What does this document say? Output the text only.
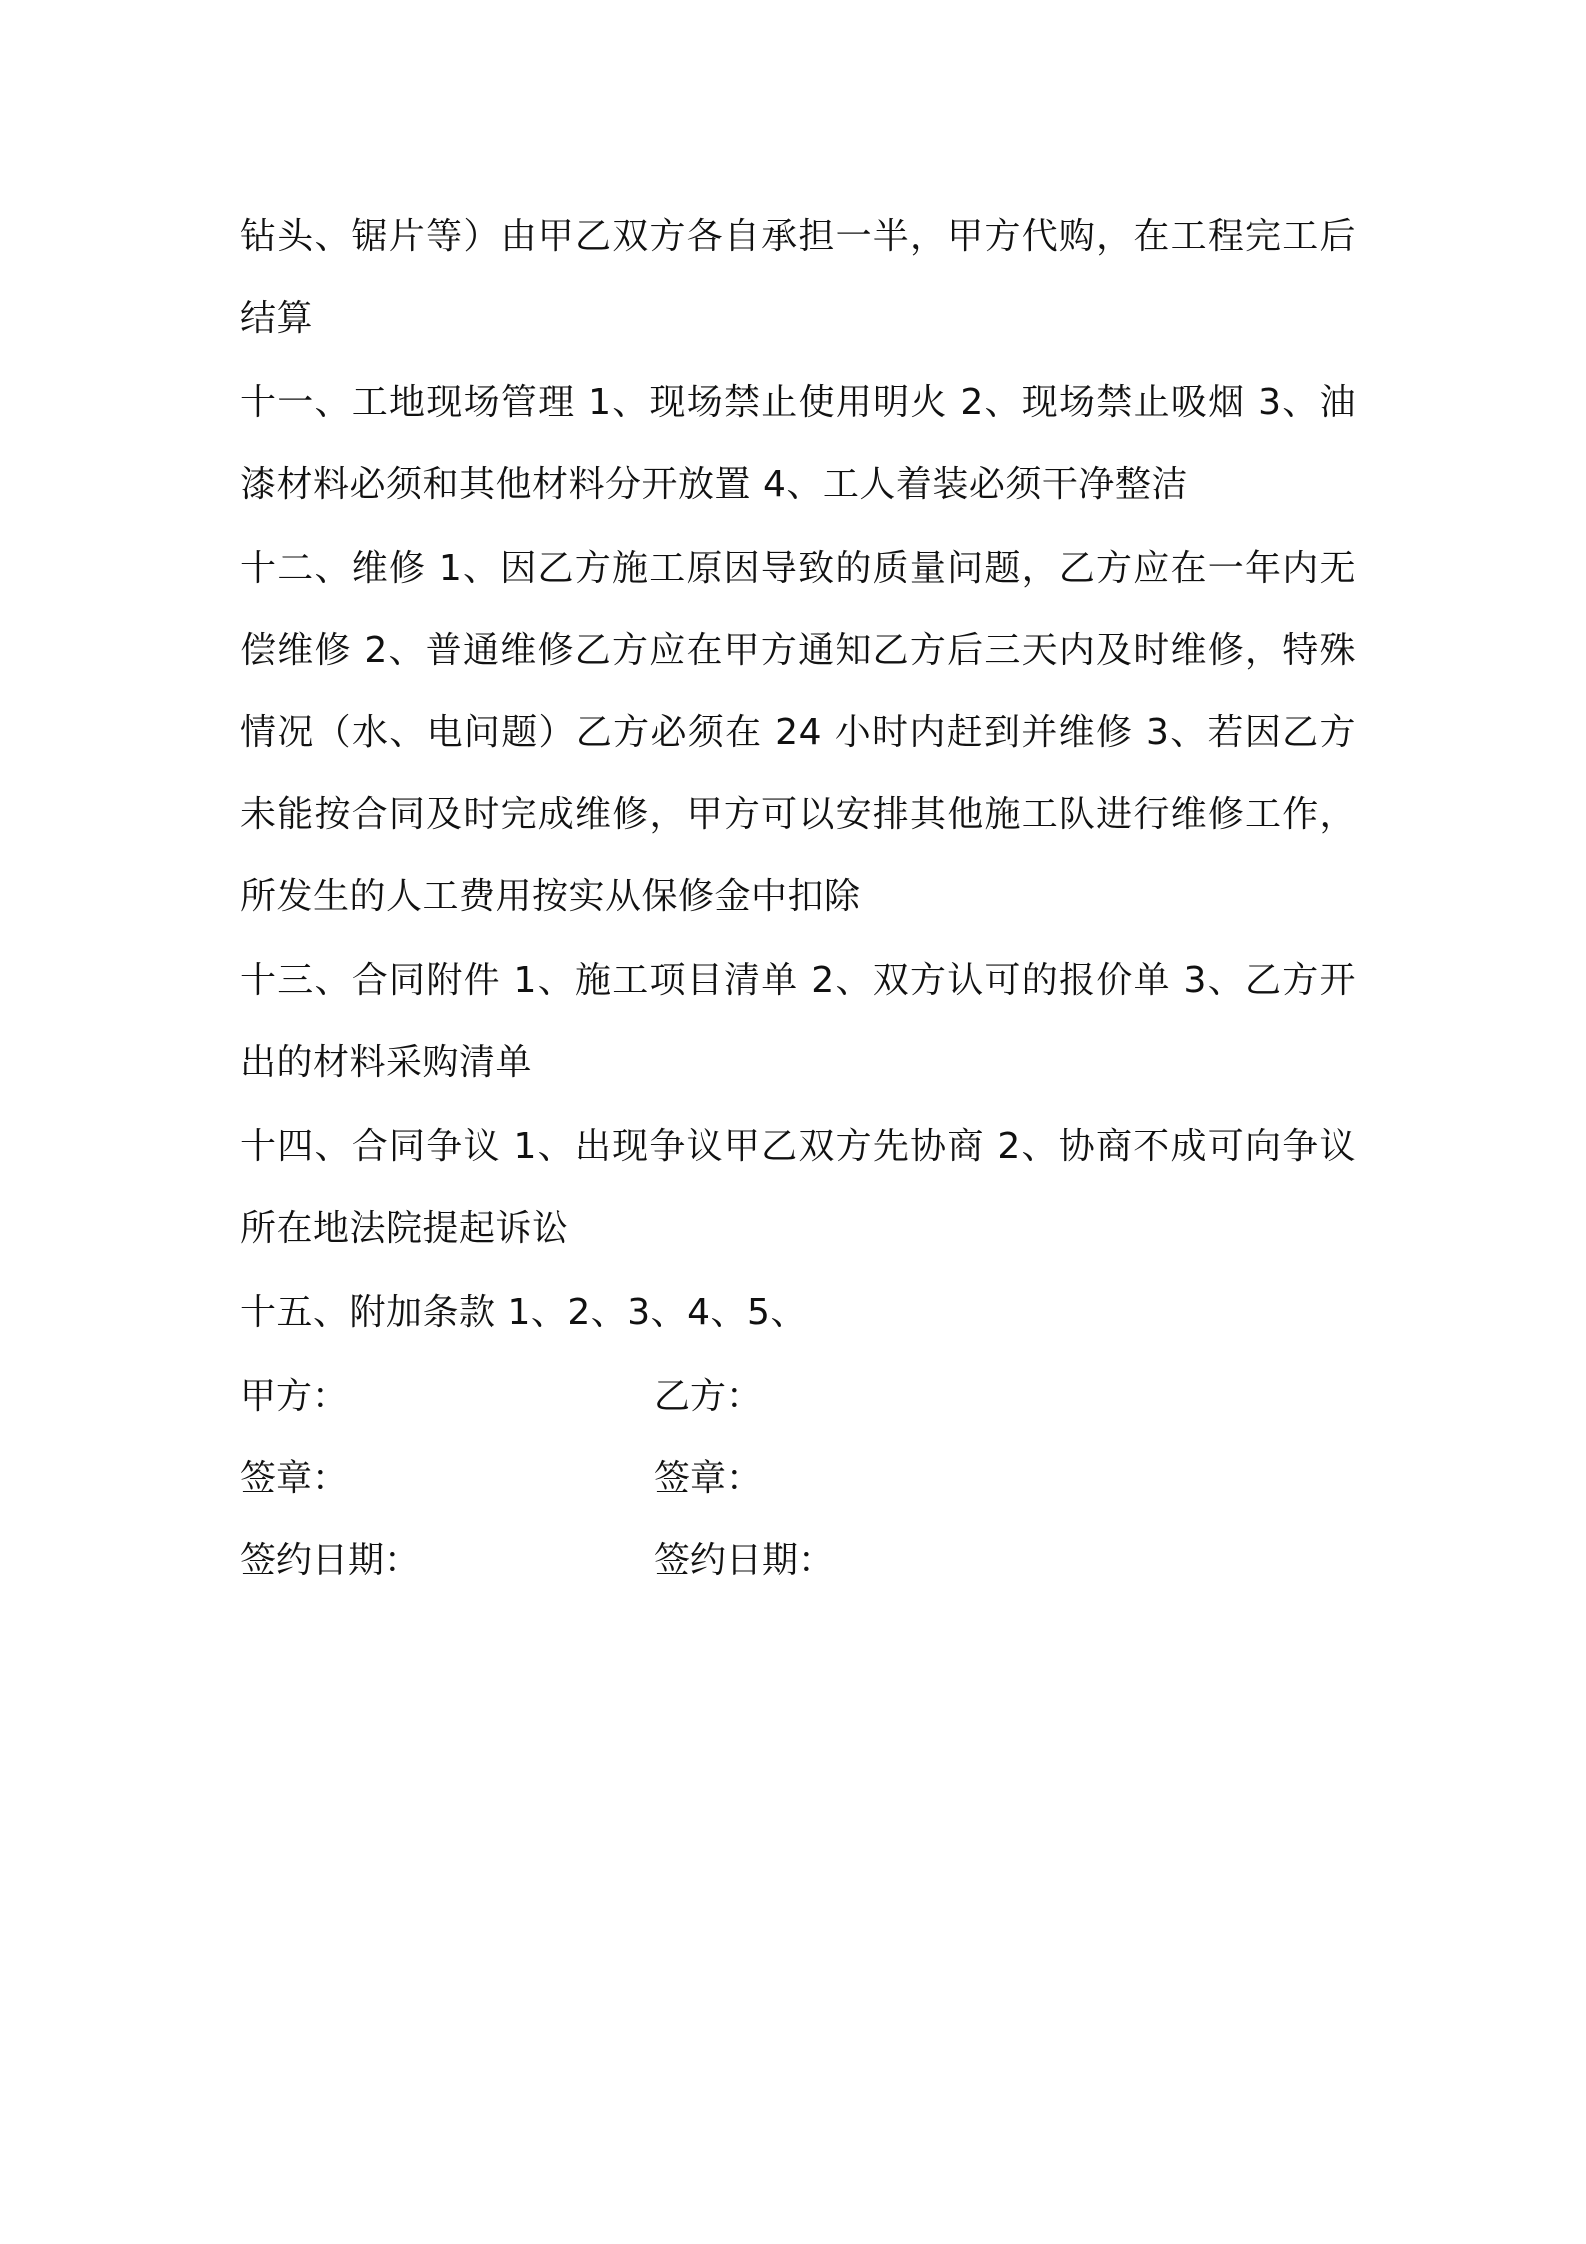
钻头、锯片等）由甲乙双方各自承担一半，甲方代购，在工程完工后结算

十一、工地现场管理 1、现场禁止使用明火 2、现场禁止吸烟 3、油漆材料必须和其他材料分开放置 4、工人着装必须干净整洁

十二、维修 1、因乙方施工原因导致的质量问题，乙方应在一年内无偿维修 2、普通维修乙方应在甲方通知乙方后三天内及时维修，特殊情况（水、电问题）乙方必须在 24 小时内赶到并维修 3、若因乙方未能按合同及时完成维修，甲方可以安排其他施工队进行维修工作，所发生的人工费用按实从保修金中扣除

十三、合同附件 1、施工项目清单 2、双方认可的报价单 3、乙方开出的材料采购清单

十四、合同争议 1、出现争议甲乙双方先协商 2、协商不成可向争议所在地法院提起诉讼

十五、附加条款 1、2、3、4、5、

甲方：	乙方：
签章：	签章：
签约日期：	签约日期：
